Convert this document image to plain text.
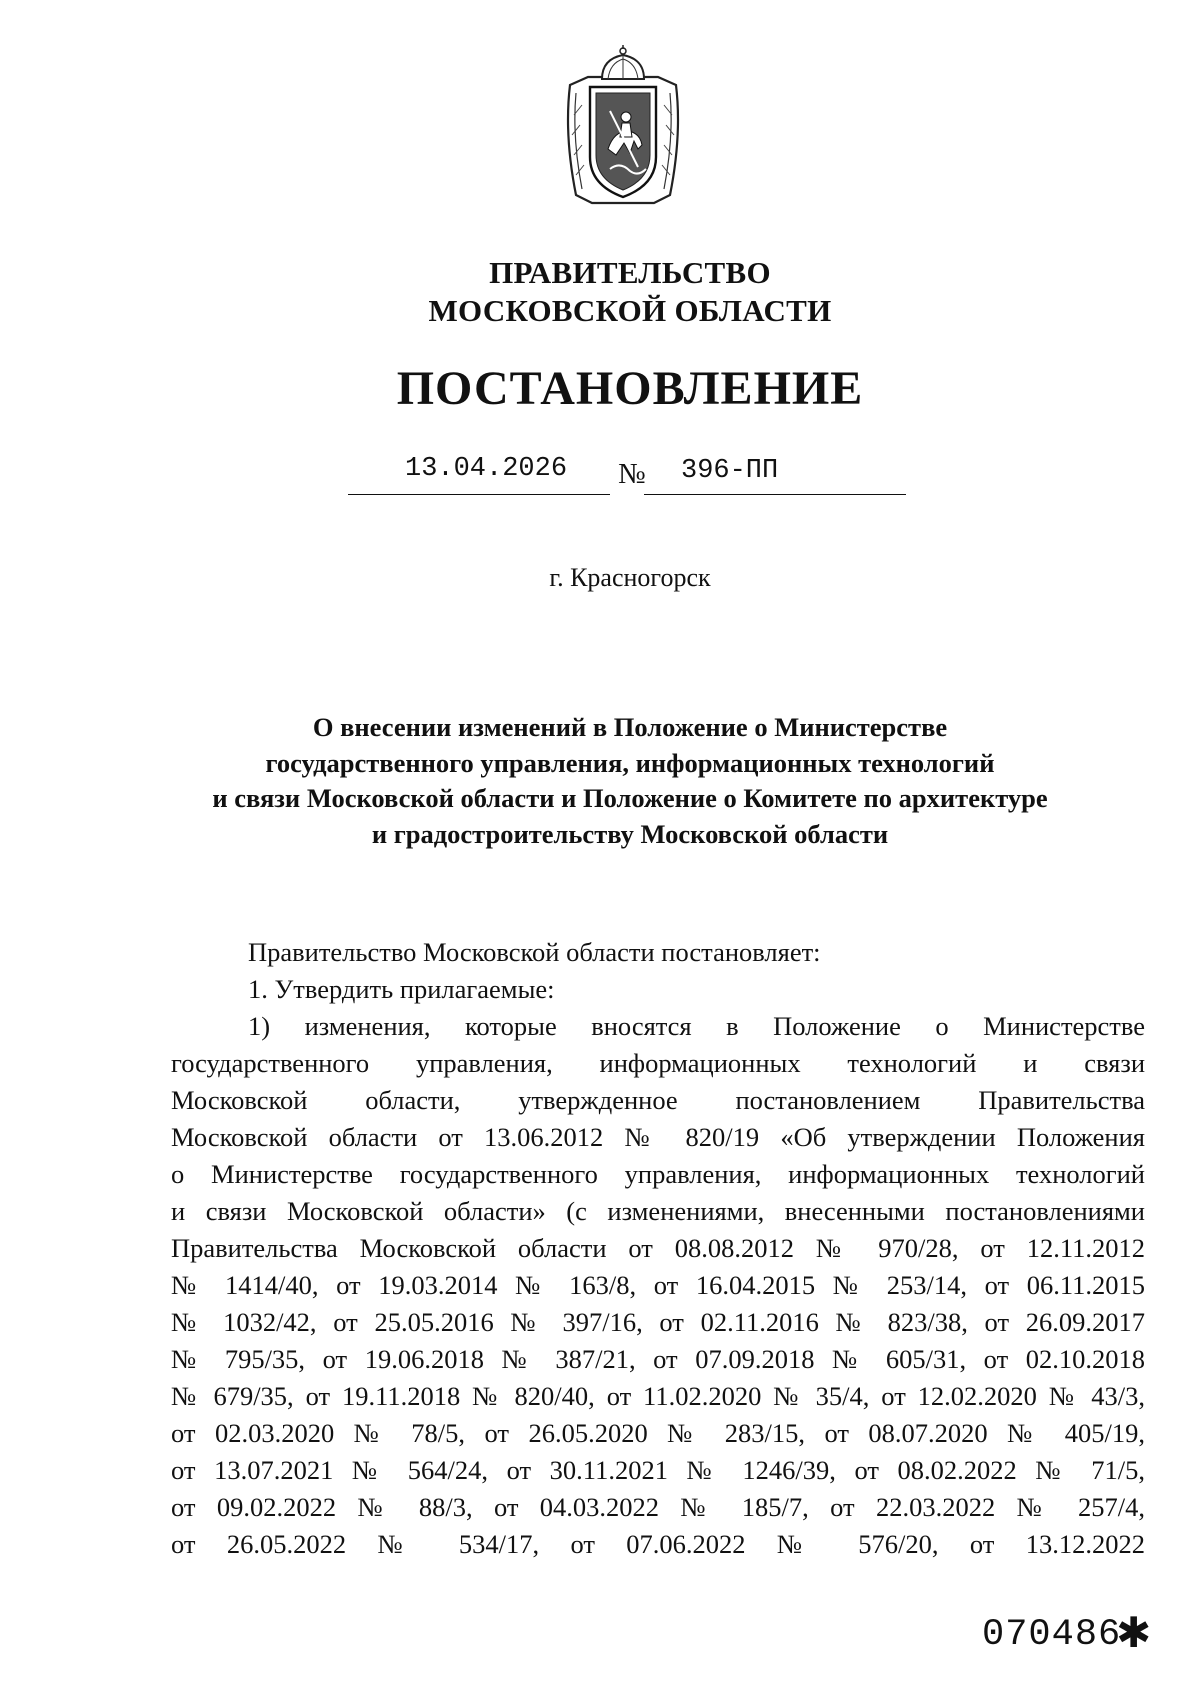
ПРАВИТЕЛЬСТВО
МОСКОВСКОЙ ОБЛАСТИ
ПОСТАНОВЛЕНИЕ
13.04.2026 № 396-ПП
г. Красногорск
О внесении изменений в Положение о Министерстве
государственного управления, информационных технологий
и связи Московской области и Положение о Комитете по архитектуре
и градостроительству Московской области
Правительство Московской области постановляет:
1. Утвердить прилагаемые:
1) изменения, которые вносятся в Положение о Министерстве
государственного управления, информационных технологий и связи
Московской области, утвержденное постановлением Правительства
Московской области от 13.06.2012 № 820/19 «Об утверждении Положения
о Министерстве государственного управления, информационных технологий
и связи Московской области» (с изменениями, внесенными постановлениями
Правительства Московской области от 08.08.2012 № 970/28, от 12.11.2012
№ 1414/40, от 19.03.2014 № 163/8, от 16.04.2015 № 253/14, от 06.11.2015
№ 1032/42, от 25.05.2016 № 397/16, от 02.11.2016 № 823/38, от 26.09.2017
№ 795/35, от 19.06.2018 № 387/21, от 07.09.2018 № 605/31, от 02.10.2018
№ 679/35, от 19.11.2018 № 820/40, от 11.02.2020 № 35/4, от 12.02.2020 № 43/3,
от 02.03.2020 № 78/5, от 26.05.2020 № 283/15, от 08.07.2020 № 405/19,
от 13.07.2021 № 564/24, от 30.11.2021 № 1246/39, от 08.02.2022 № 71/5,
от 09.02.2022 № 88/3, от 04.03.2022 № 185/7, от 22.03.2022 № 257/4,
от 26.05.2022 № 534/17, от 07.06.2022 № 576/20, от 13.12.2022
070486
✱
